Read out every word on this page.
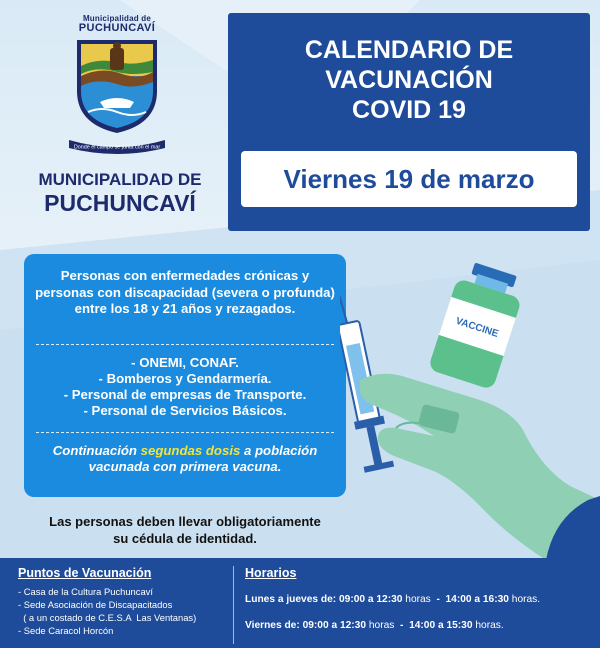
Municipalidad de
PUCHUNCAVÍ
Donde el campo se junta con el mar
MUNICIPALIDAD DE
PUCHUNCAVÍ
CALENDARIO DE
VACUNACIÓN
COVID 19
Viernes 19 de marzo
Personas con enfermedades crónicas y personas con discapacidad (severa o profunda) entre los 18 y 21 años y rezagados.
- ONEMI, CONAF.
- Bomberos y Gendarmería.
- Personal de empresas de Transporte.
- Personal de Servicios Básicos.
Continuación segundas dosis a población vacunada con primera vacuna.
Las personas deben llevar obligatoriamente
su cédula de identidad.
VACCINE
Puntos de Vacunación
- Casa de la Cultura Puchuncaví
- Sede Asociación de Discapacitados
( a un costado de C.E.S.A  Las Ventanas)
- Sede Caracol Horcón
Horarios
Lunes a jueves de: 09:00 a 12:30 horas  -  14:00 a 16:30 horas.
Viernes de: 09:00 a 12:30 horas  -  14:00 a 15:30 horas.
